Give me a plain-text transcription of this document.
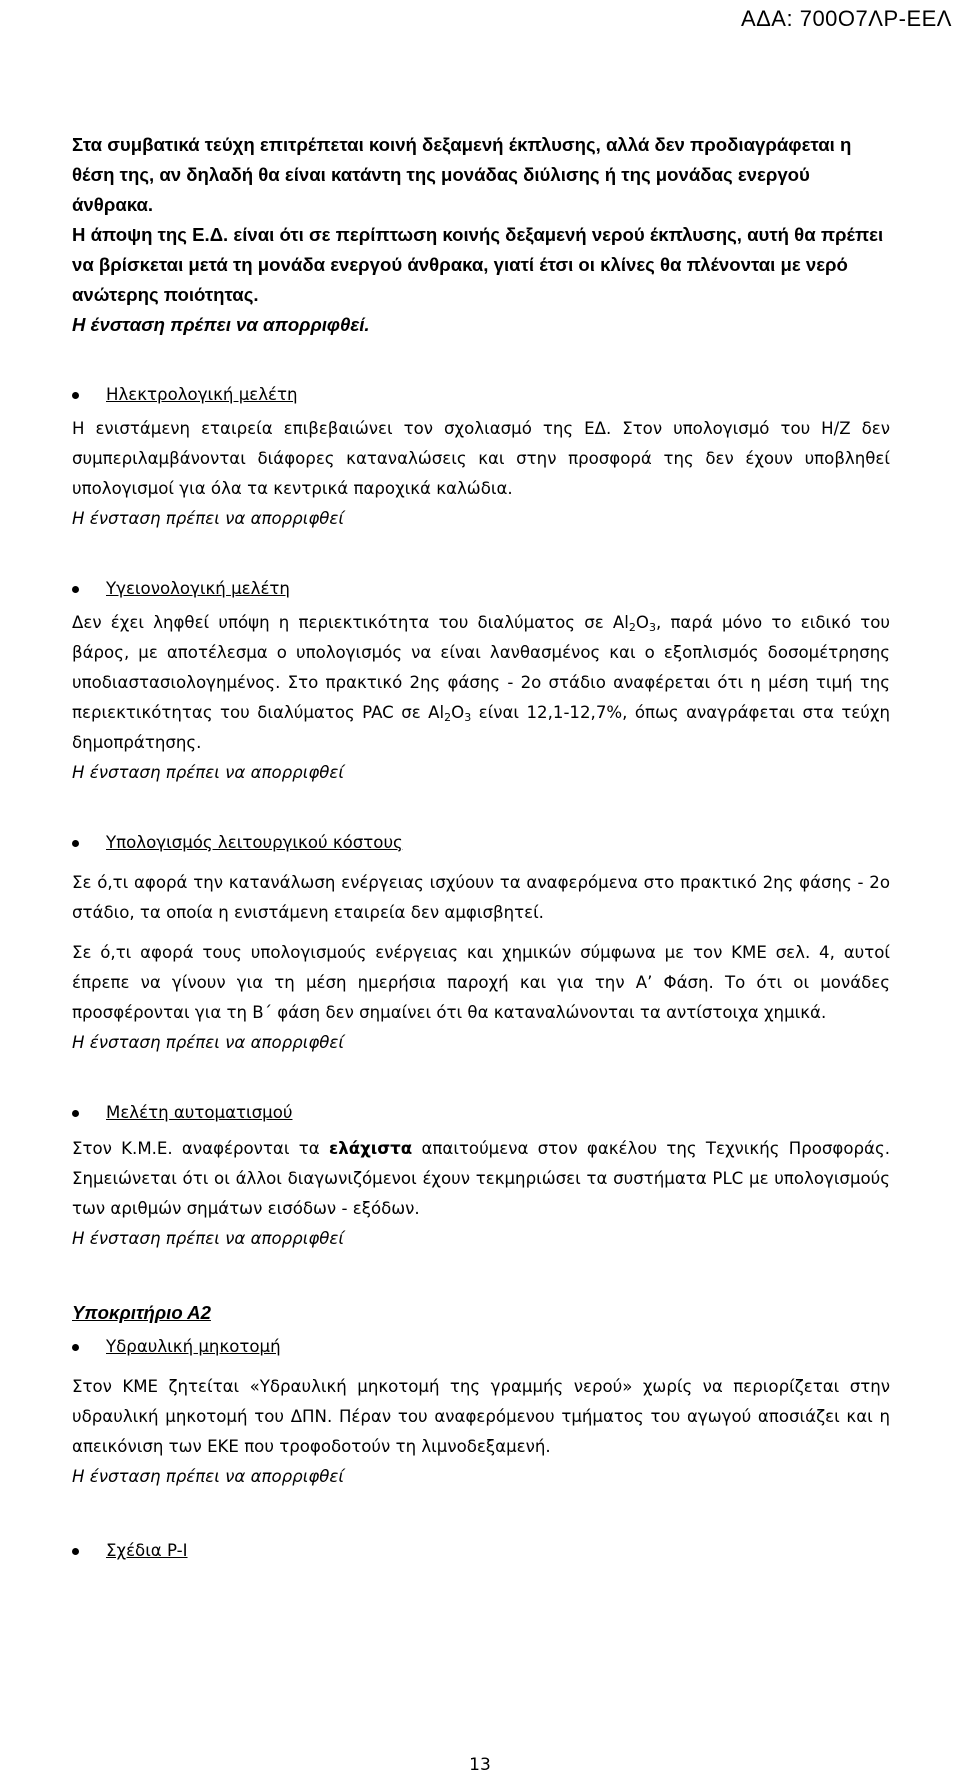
ΑΔΑ: 700Ο7ΛΡ-ΕΕΛ

Στα συμβατικά τεύχη επιτρέπεται κοινή δεξαμενή έκπλυσης, αλλά δεν προδιαγράφεται η θέση της, αν δηλαδή θα είναι κατάντη της μονάδας διύλισης ή της μονάδας ενεργού άνθρακα.

Η άποψη της Ε.Δ. είναι ότι σε περίπτωση κοινής δεξαμενή νερού έκπλυσης, αυτή θα πρέπει να βρίσκεται μετά τη μονάδα ενεργού άνθρακα, γιατί έτσι οι κλίνες θα πλένονται με νερό ανώτερης ποιότητας.

Η ένσταση πρέπει να απορριφθεί.

Ηλεκτρολογική μελέτη

Η ενιστάμενη εταιρεία επιβεβαιώνει τον σχολιασμό της ΕΔ. Στον υπολογισμό του Η/Ζ δεν συμπεριλαμβάνονται διάφορες καταναλώσεις και στην προσφορά της δεν έχουν υποβληθεί υπολογισμοί για όλα τα κεντρικά παροχικά καλώδια.

Η ένσταση πρέπει να απορριφθεί

Υγειονολογική μελέτη

Δεν έχει ληφθεί υπόψη η περιεκτικότητα του διαλύματος σε $Al_2O_3$, παρά μόνο το ειδικό του βάρος, με αποτέλεσμα ο υπολογισμός να είναι λανθασμένος και ο εξοπλισμός δοσομέτρησης υποδιαστασιολογημένος. Στο πρακτικό 2ης φάσης - 2ο στάδιο αναφέρεται ότι η μέση τιμή της περιεκτικότητας του διαλύματος PAC σε $Al_2O_3$ είναι 12,1-12,7%, όπως αναγράφεται στα τεύχη δημοπράτησης.

Η ένσταση πρέπει να απορριφθεί

Υπολογισμός λειτουργικού κόστους

Σε ό,τι αφορά την κατανάλωση ενέργειας ισχύουν τα αναφερόμενα στο πρακτικό 2ης φάσης - 2ο στάδιο, τα οποία η ενιστάμενη εταιρεία δεν αμφισβητεί.

Σε ό,τι αφορά τους υπολογισμούς ενέργειας και χημικών σύμφωνα με τον ΚΜΕ σελ. 4, αυτοί έπρεπε να γίνουν για τη μέση ημερήσια παροχή και για την Α’ Φάση. Το ότι οι μονάδες προσφέρονται για τη Β΄ φάση δεν σημαίνει ότι θα καταναλώνονται τα αντίστοιχα χημικά.

Η ένσταση πρέπει να απορριφθεί

Μελέτη αυτοματισμού

Στον Κ.Μ.Ε. αναφέρονται τα ελάχιστα απαιτούμενα στον φακέλου της Τεχνικής Προσφοράς. Σημειώνεται ότι οι άλλοι διαγωνιζόμενοι έχουν τεκμηριώσει τα συστήματα PLC με υπολογισμούς των αριθμών σημάτων εισόδων - εξόδων.

Η ένσταση πρέπει να απορριφθεί

Υποκριτήριο Α2

Υδραυλική μηκοτομή

Στον ΚΜΕ ζητείται «Υδραυλική μηκοτομή της γραμμής νερού» χωρίς να περιορίζεται στην υδραυλική μηκοτομή του ΔΠΝ. Πέραν του αναφερόμενου τμήματος του αγωγού αποσιάζει και η απεικόνιση των ΕΚΕ που τροφοδοτούν τη λιμνοδεξαμενή.

Η ένσταση πρέπει να απορριφθεί

Σχέδια P-I
13
